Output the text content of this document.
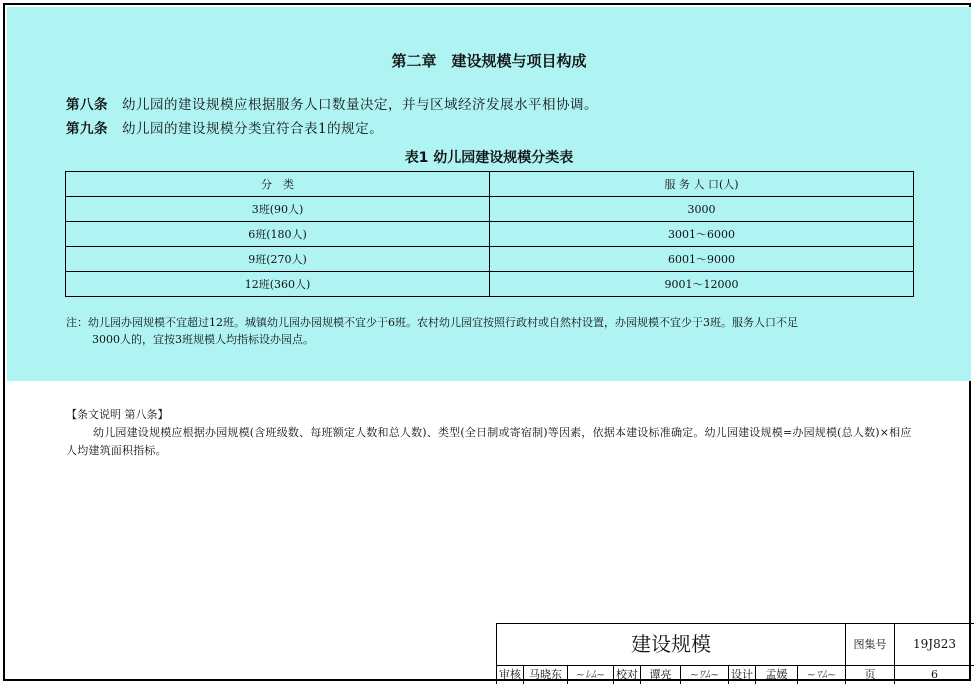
第二章　建设规模与项目构成
第八条 幼儿园的建设规模应根据服务人口数量决定，并与区域经济发展水平相协调。
第九条 幼儿园的建设规模分类宜符合表1的规定。
表1 幼儿园建设规模分类表
分　类	服 务 人 口(人)
3班(90人)	3000
6班(180人)	3001～6000
9班(270人)	6001～9000
12班(360人)	9001～12000
注：幼儿园办园规模不宜超过12班。城镇幼儿园办园规模不宜少于6班。农村幼儿园宜按照行政村或自然村设置，办园规模不宜少于3班。服务人口不足
3000人的，宜按3班规模人均指标设办园点。
【条文说明 第八条】
幼儿园建设规模应根据办园规模(含班级数、每班额定人数和总人数)、类型(全日制或寄宿制)等因素，依据本建设标准确定。幼儿园建设规模=办园规模(总人数)×相应人均建筑面积指标。
建设规模	图集号	19J823
审核 马晓东	~ﾚﾑ~ 校对	谭亮	~ﾜﾑ~	设计	孟媛	~ﾏﾑ~	页	6
